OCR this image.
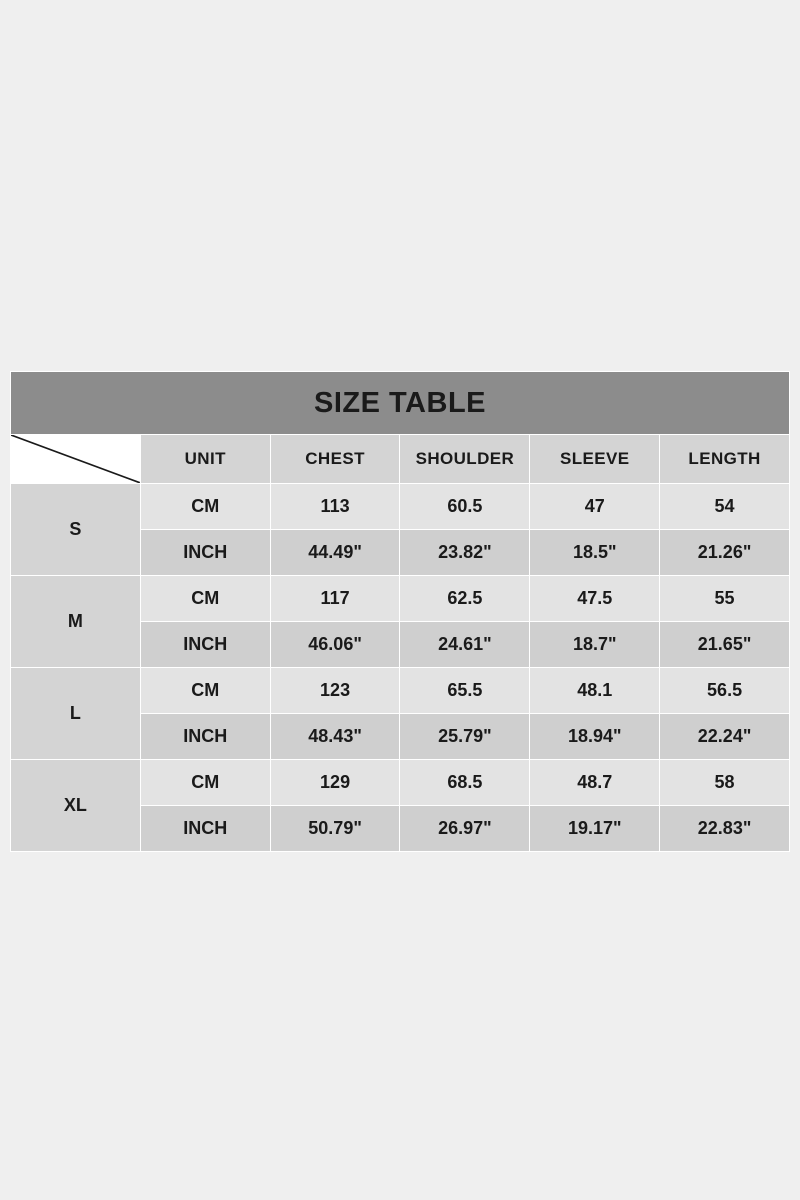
SIZE TABLE					

	UNIT	CHEST	SHOULDER	SLEEVE	LENGTH
S	CM	113	60.5	47	54
	INCH	44.49"	23.82"	18.5"	21.26"
M	CM	117	62.5	47.5	55
	INCH	46.06"	24.61"	18.7"	21.65"
L	CM	123	65.5	48.1	56.5
	INCH	48.43"	25.79"	18.94"	22.24"
XL	CM	129	68.5	48.7	58
	INCH	50.79"	26.97"	19.17"	22.83"
